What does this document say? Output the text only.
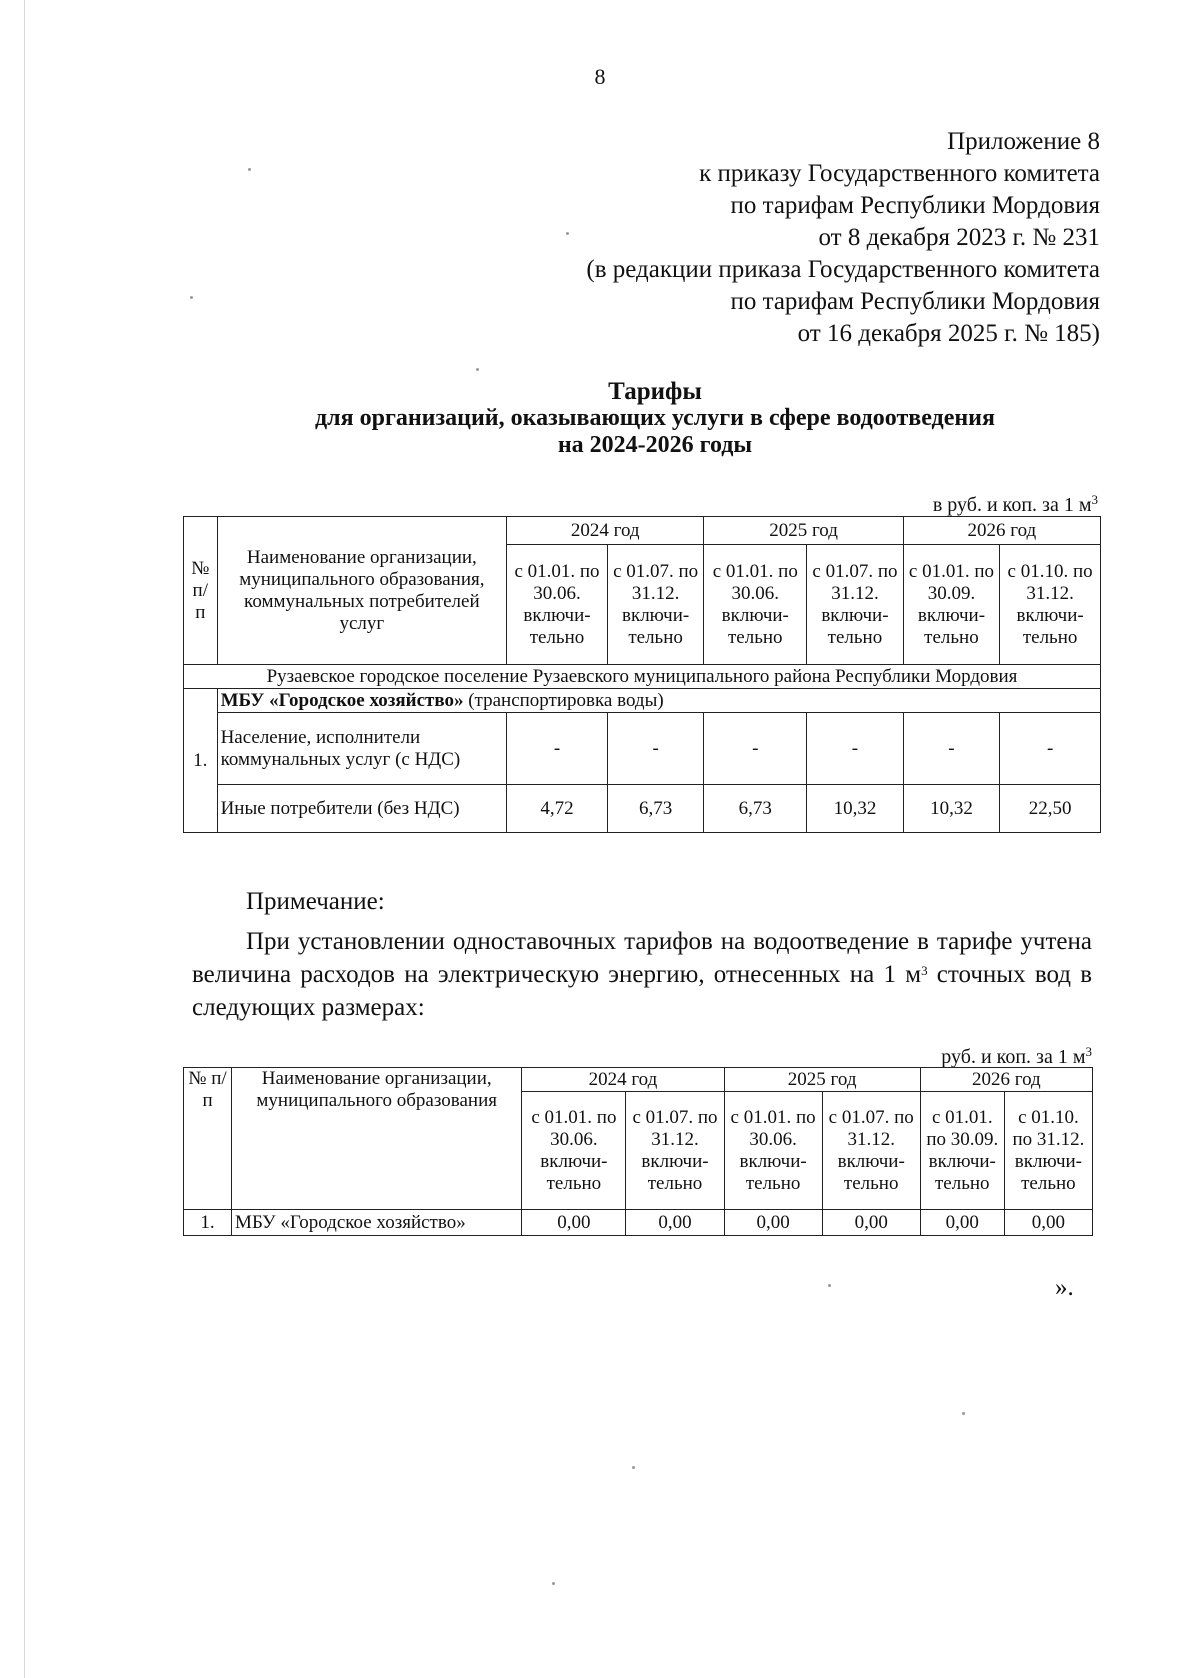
8
Приложение 8
к приказу Государственного комитета
по тарифам Республики Мордовия
от 8 декабря 2023 г. № 231
(в редакции приказа Государственного комитета
по тарифам Республики Мордовия
от 16 декабря 2025 г. № 185)
Тарифы
для организаций, оказывающих услуги в сфере водоотведения
на 2024-2026 годы
в руб. и коп. за 1 $м^3$
№ п/ п	Наименование организации, муниципального образования, коммунальных потребителей услуг	2024 год		2025 год		2026 год	
		с 01.01. по 30.06. включи-тельно	с 01.07. по 31.12. включи-тельно	с 01.01. по 30.06. включи-тельно	с 01.07. по 31.12. включи-тельно	с 01.01. по 30.09. включи-тельно	с 01.10. по 31.12. включи-тельно
Рузаевское городское поселение Рузаевского муниципального района Республики Мордовия							
1.	МБУ «Городское хозяйство» (транспортировка воды)						
	Население, исполнители коммунальных услуг (с НДС)	-	-	-	-	-	-
	Иные потребители (без НДС)	4,72	6,73	6,73	10,32	10,32	22,50
Примечание:
При установлении одноставочных тарифов на водоотведение в тарифе учтена величина расходов на электрическую энергию, отнесенных на 1 $м^3$ сточных вод в следующих размерах:
руб. и коп. за 1 $м^3$
№ п/п	Наименование организации, муниципального образования	2024 год		2025 год		2026 год	
		с 01.01. по 30.06. включи-тельно	с 01.07. по 31.12. включи-тельно	с 01.01. по 30.06. включи-тельно	с 01.07. по 31.12. включи-тельно	с 01.01. по 30.09. включи-тельно	с 01.10. по 31.12. включи-тельно
1.	МБУ «Городское хозяйство»	0,00	0,00	0,00	0,00	0,00	0,00
».
